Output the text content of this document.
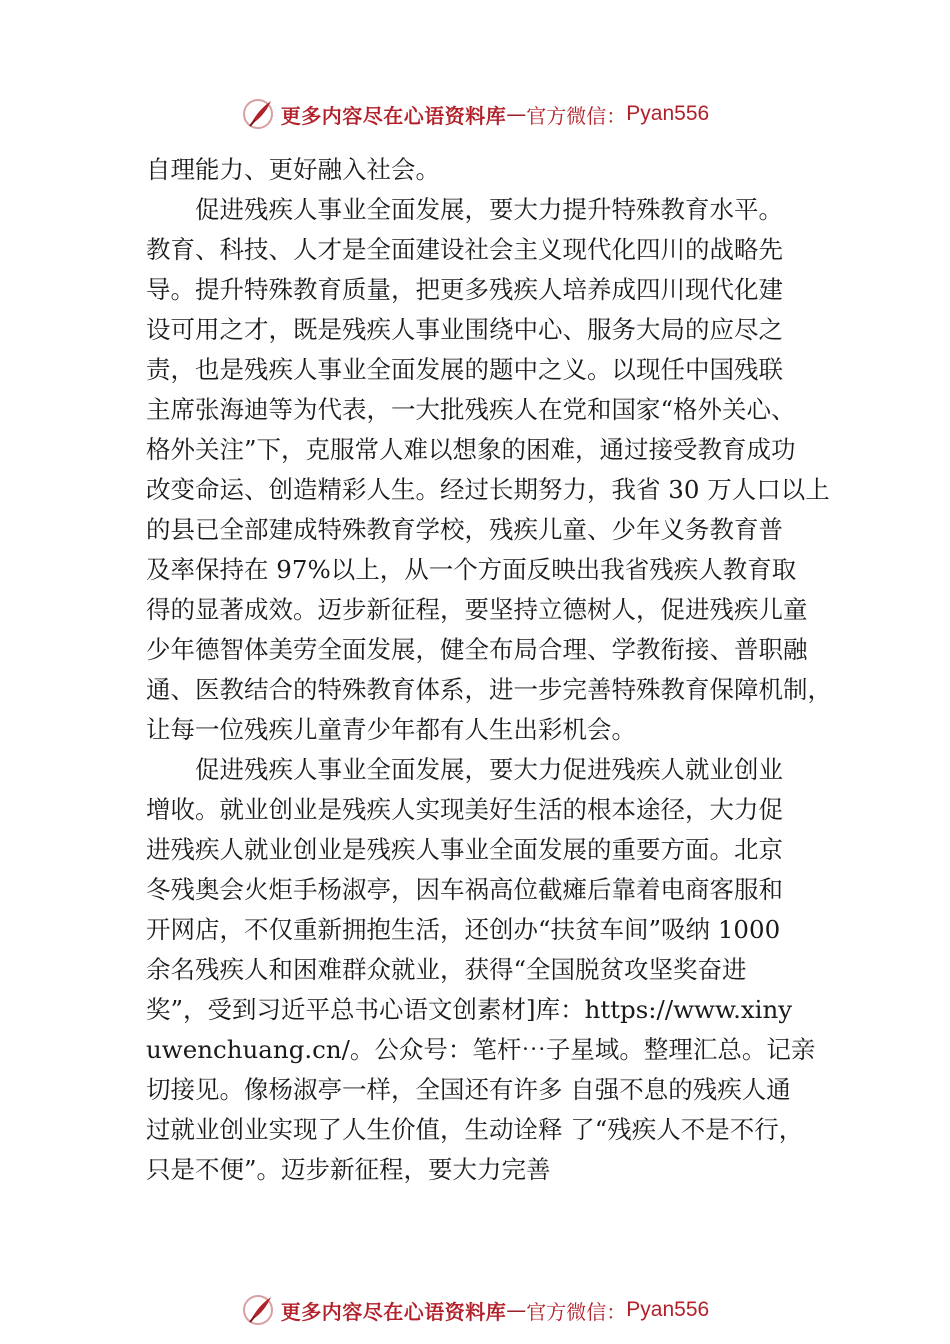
更多内容尽在心语资料库 — 官方微信： Pyan556
自理能力、更好融入社会。
促进残疾人事业全面发展，要大力提升特殊教育水平。
教育、科技、人才是全面建设社会主义现代化四川的战略先
导。提升特殊教育质量，把更多残疾人培养成四川现代化建
设可用之才，既是残疾人事业围绕中心、服务大局的应尽之
责，也是残疾人事业全面发展的题中之义。以现任中国残联
主席张海迪等为代表，一大批残疾人在党和国家“格外关心、
格外关注”下，克服常人难以想象的困难，通过接受教育成功
改变命运、创造精彩人生。经过长期努力，我省 30 万人口以上
的县已全部建成特殊教育学校，残疾儿童、少年义务教育普
及率保持在 97%以上，从一个方面反映出我省残疾人教育取
得的显著成效。迈步新征程，要坚持立德树人，促进残疾儿童
少年德智体美劳全面发展，健全布局合理、学教衔接、普职融
通、医教结合的特殊教育体系，进一步完善特殊教育保障机制，
让每一位残疾儿童青少年都有人生出彩机会。
促进残疾人事业全面发展，要大力促进残疾人就业创业
增收。就业创业是残疾人实现美好生活的根本途径，大力促
进残疾人就业创业是残疾人事业全面发展的重要方面。北京
冬残奥会火炬手杨淑亭，因车祸高位截瘫后靠着电商客服和
开网店，不仅重新拥抱生活，还创办“扶贫车间”吸纳 1000
余名残疾人和困难群众就业，获得“全国脱贫攻坚奖奋进
奖”，受到习近平总书心语文创素材]库：https://www.xiny
uwenchuang.cn/。公众号：笔杆⋯子星域。整理汇总。记亲
切接见。像杨淑亭一样，全国还有许多 自强不息的残疾人通
过就业创业实现了人生价值，生动诠释 了“残疾人不是不行，
只是不便”。迈步新征程，要大力完善
更多内容尽在心语资料库 — 官方微信： Pyan556
